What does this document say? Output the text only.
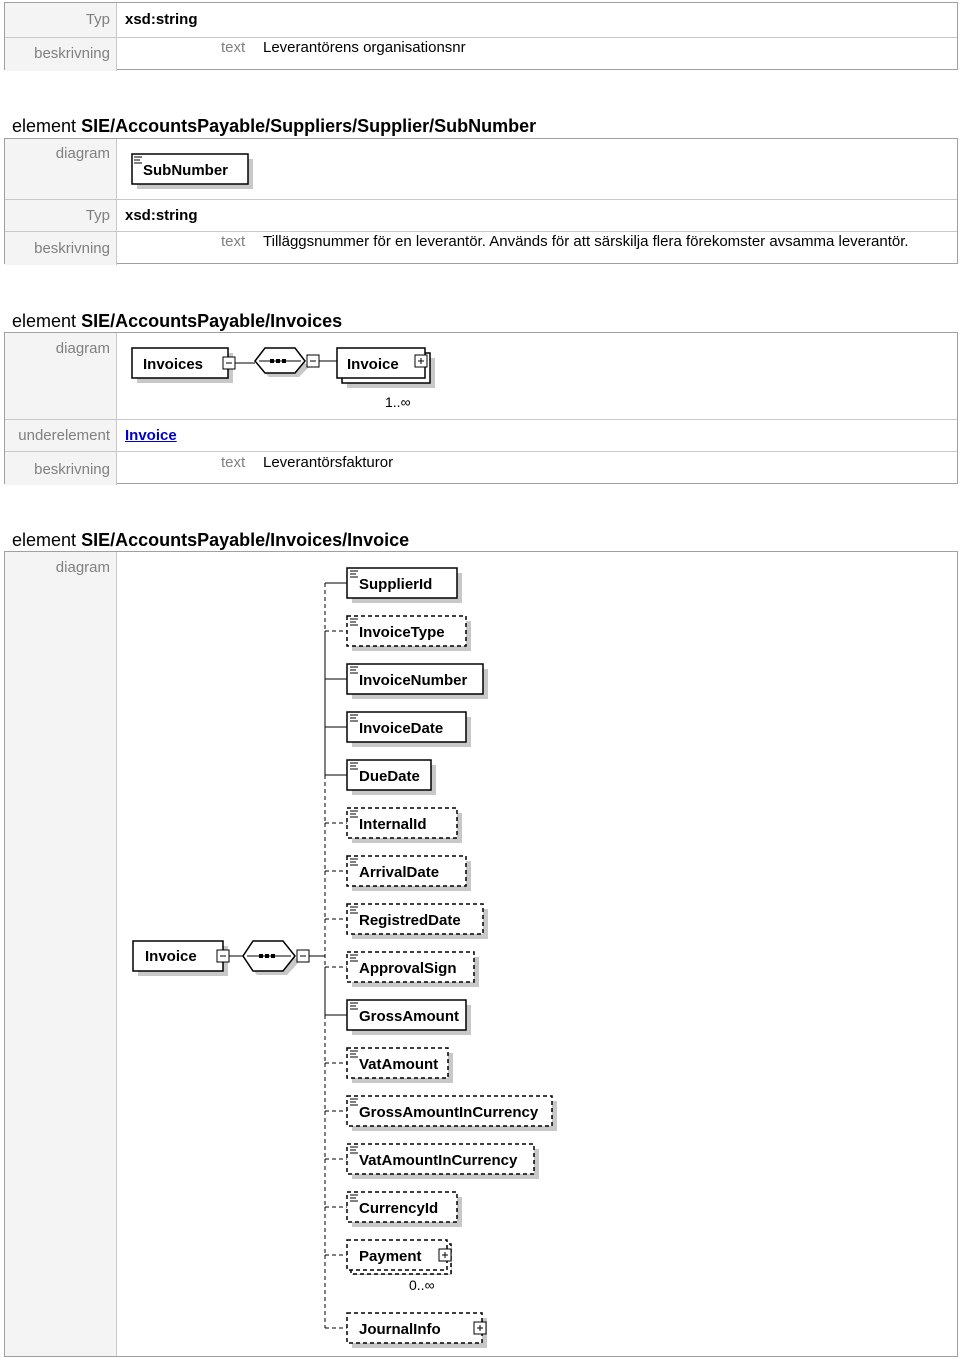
Typ xsd:string
beskrivning	text Leverantörens organisationsnr
element SIE/AccountsPayable/Suppliers/Supplier/SubNumber
diagram
SubNumber
Typ xsd:string
beskrivning	text Tilläggsnummer för en leverantör. Används för att särskilja flera förekomster avsamma leverantör.
element SIE/AccountsPayable/Invoices
diagram
Invoices	Invoice
1..∞
underelement Invoice
beskrivning	text Leverantörsfakturor
element SIE/AccountsPayable/Invoices/Invoice
diagram
Invoice
SupplierId
InvoiceType
InvoiceNumber
InvoiceDate
DueDate
InternalId
ArrivalDate
RegistredDate
ApprovalSign
GrossAmount
VatAmount
GrossAmountInCurrency
VatAmountInCurrency
CurrencyId
Payment
0..∞
JournalInfo
